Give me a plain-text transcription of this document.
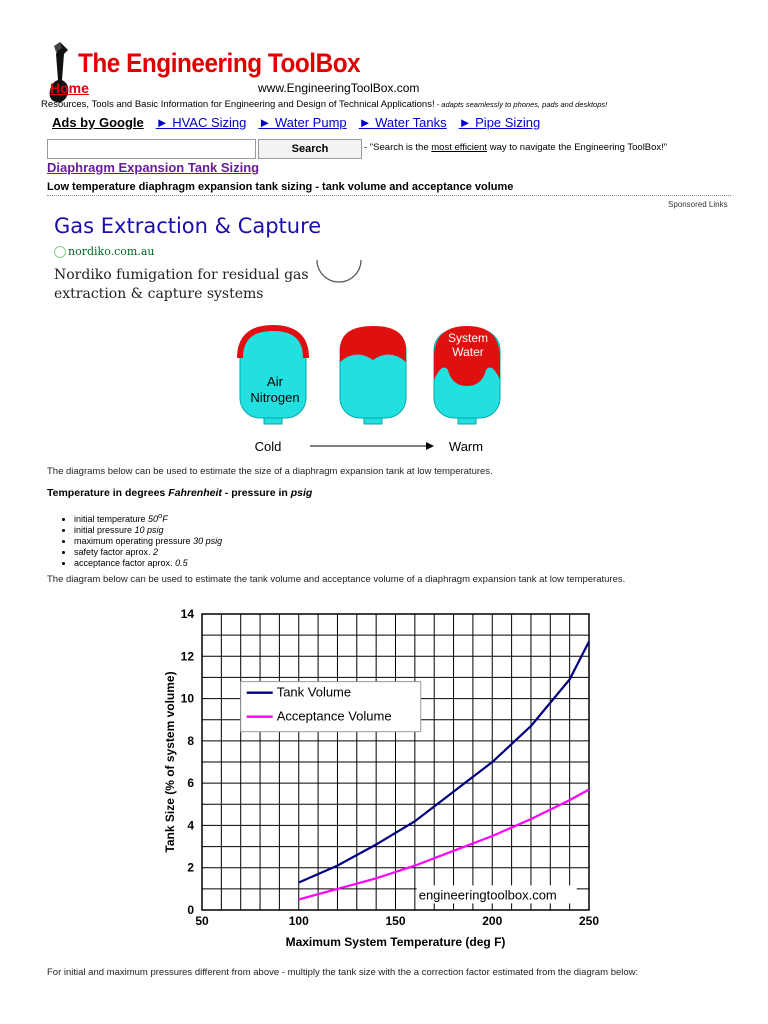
The Engineering ToolBox
Home	www.EngineeringToolBox.com
Resources, Tools and Basic Information for Engineering and Design of Technical Applications! - adapts seamlessly to phones, pads and desktops!
Ads by Google ► HVAC Sizing ► Water Pump ► Water Tanks ► Pipe Sizing
Search	- "Search is the most efficient way to navigate the Engineering ToolBox!"
Diaphragm Expansion Tank Sizing
Low temperature diaphragm expansion tank sizing - tank volume and acceptance volume
Sponsored Links
Gas Extraction & Capture
nordiko.com.au
Nordiko fumigation for residual gas extraction & capture systems
Air
Nitrogen
System
Water
Cold	Warm
The diagrams below can be used to estimate the size of a diaphragm expansion tank at low temperatures.
Temperature in degrees Fahrenheit - pressure in psig
• initial temperature 50$^o$F
• initial pressure 10 psig
• maximum operating pressure 30 psig
• safety factor aprox. 2
• acceptance factor aprox. 0.5
The diagram below can be used to estimate the tank volume and acceptance volume of a diaphragm expansion tank at low temperatures.
50	100	150	200	250
0
2
4
6
8
10
12
14
Maximum System Temperature (deg F)
Tank Size (% of system volume)	Tank Volume
Acceptance Volume
engineeringtoolbox.com
For initial and maximum pressures different from above - multiply the tank size with the a correction factor estimated from the diagram below:
